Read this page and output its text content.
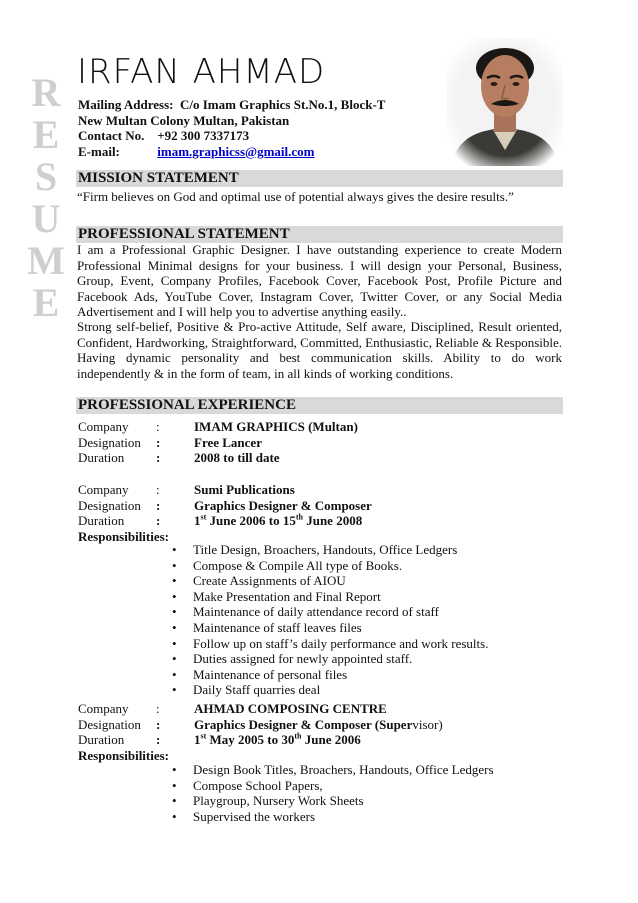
R
E
S
U
M
E
IRFAN AHMAD
Mailing Address: C/o Imam Graphics St.No.1, Block-T
New Multan Colony Multan, Pakistan
Contact No. +92 300 7337173
E-mail:	imam.graphicss@gmail.com
MISSION STATEMENT
“Firm believes on God and optimal use of potential always gives the desire results.”
PROFESSIONAL STATEMENT
I am a Professional Graphic Designer. I have outstanding experience to create Modern Professional Minimal designs for your business. I will design your Personal, Business, Group, Event, Company Profiles, Facebook Cover, Facebook Post, Profile Picture and Facebook Ads, YouTube Cover, Instagram Cover, Twitter Cover, or any Social Media Advertisement and I will help you to advertise anything easily..
Strong self-belief, Positive & Pro-active Attitude, Self aware, Disciplined, Result oriented, Confident, Hardworking, Straightforward, Committed, Enthusiastic, Reliable & Responsible. Having dynamic personality and best communication skills. Ability to do work independently & in the form of team, in all kinds of working conditions.
PROFESSIONAL EXPERIENCE
Company :	IMAM GRAPHICS (Multan)
Designation :	Free Lancer
Duration :	2008 to till date
Company :	Sumi Publications
Designation :	Graphics Designer & Composer
Duration :	1st June 2006 to 15th June 2008
Responsibilities:
• Title Design, Broachers, Handouts, Office Ledgers
• Compose & Compile All type of Books.
• Create Assignments of AIOU
• Make Presentation and Final Report
• Maintenance of daily attendance record of staff
• Maintenance of staff leaves files
• Follow up on staff’s daily performance and work results.
• Duties assigned for newly appointed staff.
• Maintenance of personal files
• Daily Staff quarries deal
Company :	AHMAD COMPOSING CENTRE
Designation :	Graphics Designer & Composer (Supervisor)
Duration :	1st May 2005 to 30th June 2006
Responsibilities:
• Design Book Titles, Broachers, Handouts, Office Ledgers
• Compose School Papers,
• Playgroup, Nursery Work Sheets
• Supervised the workers
